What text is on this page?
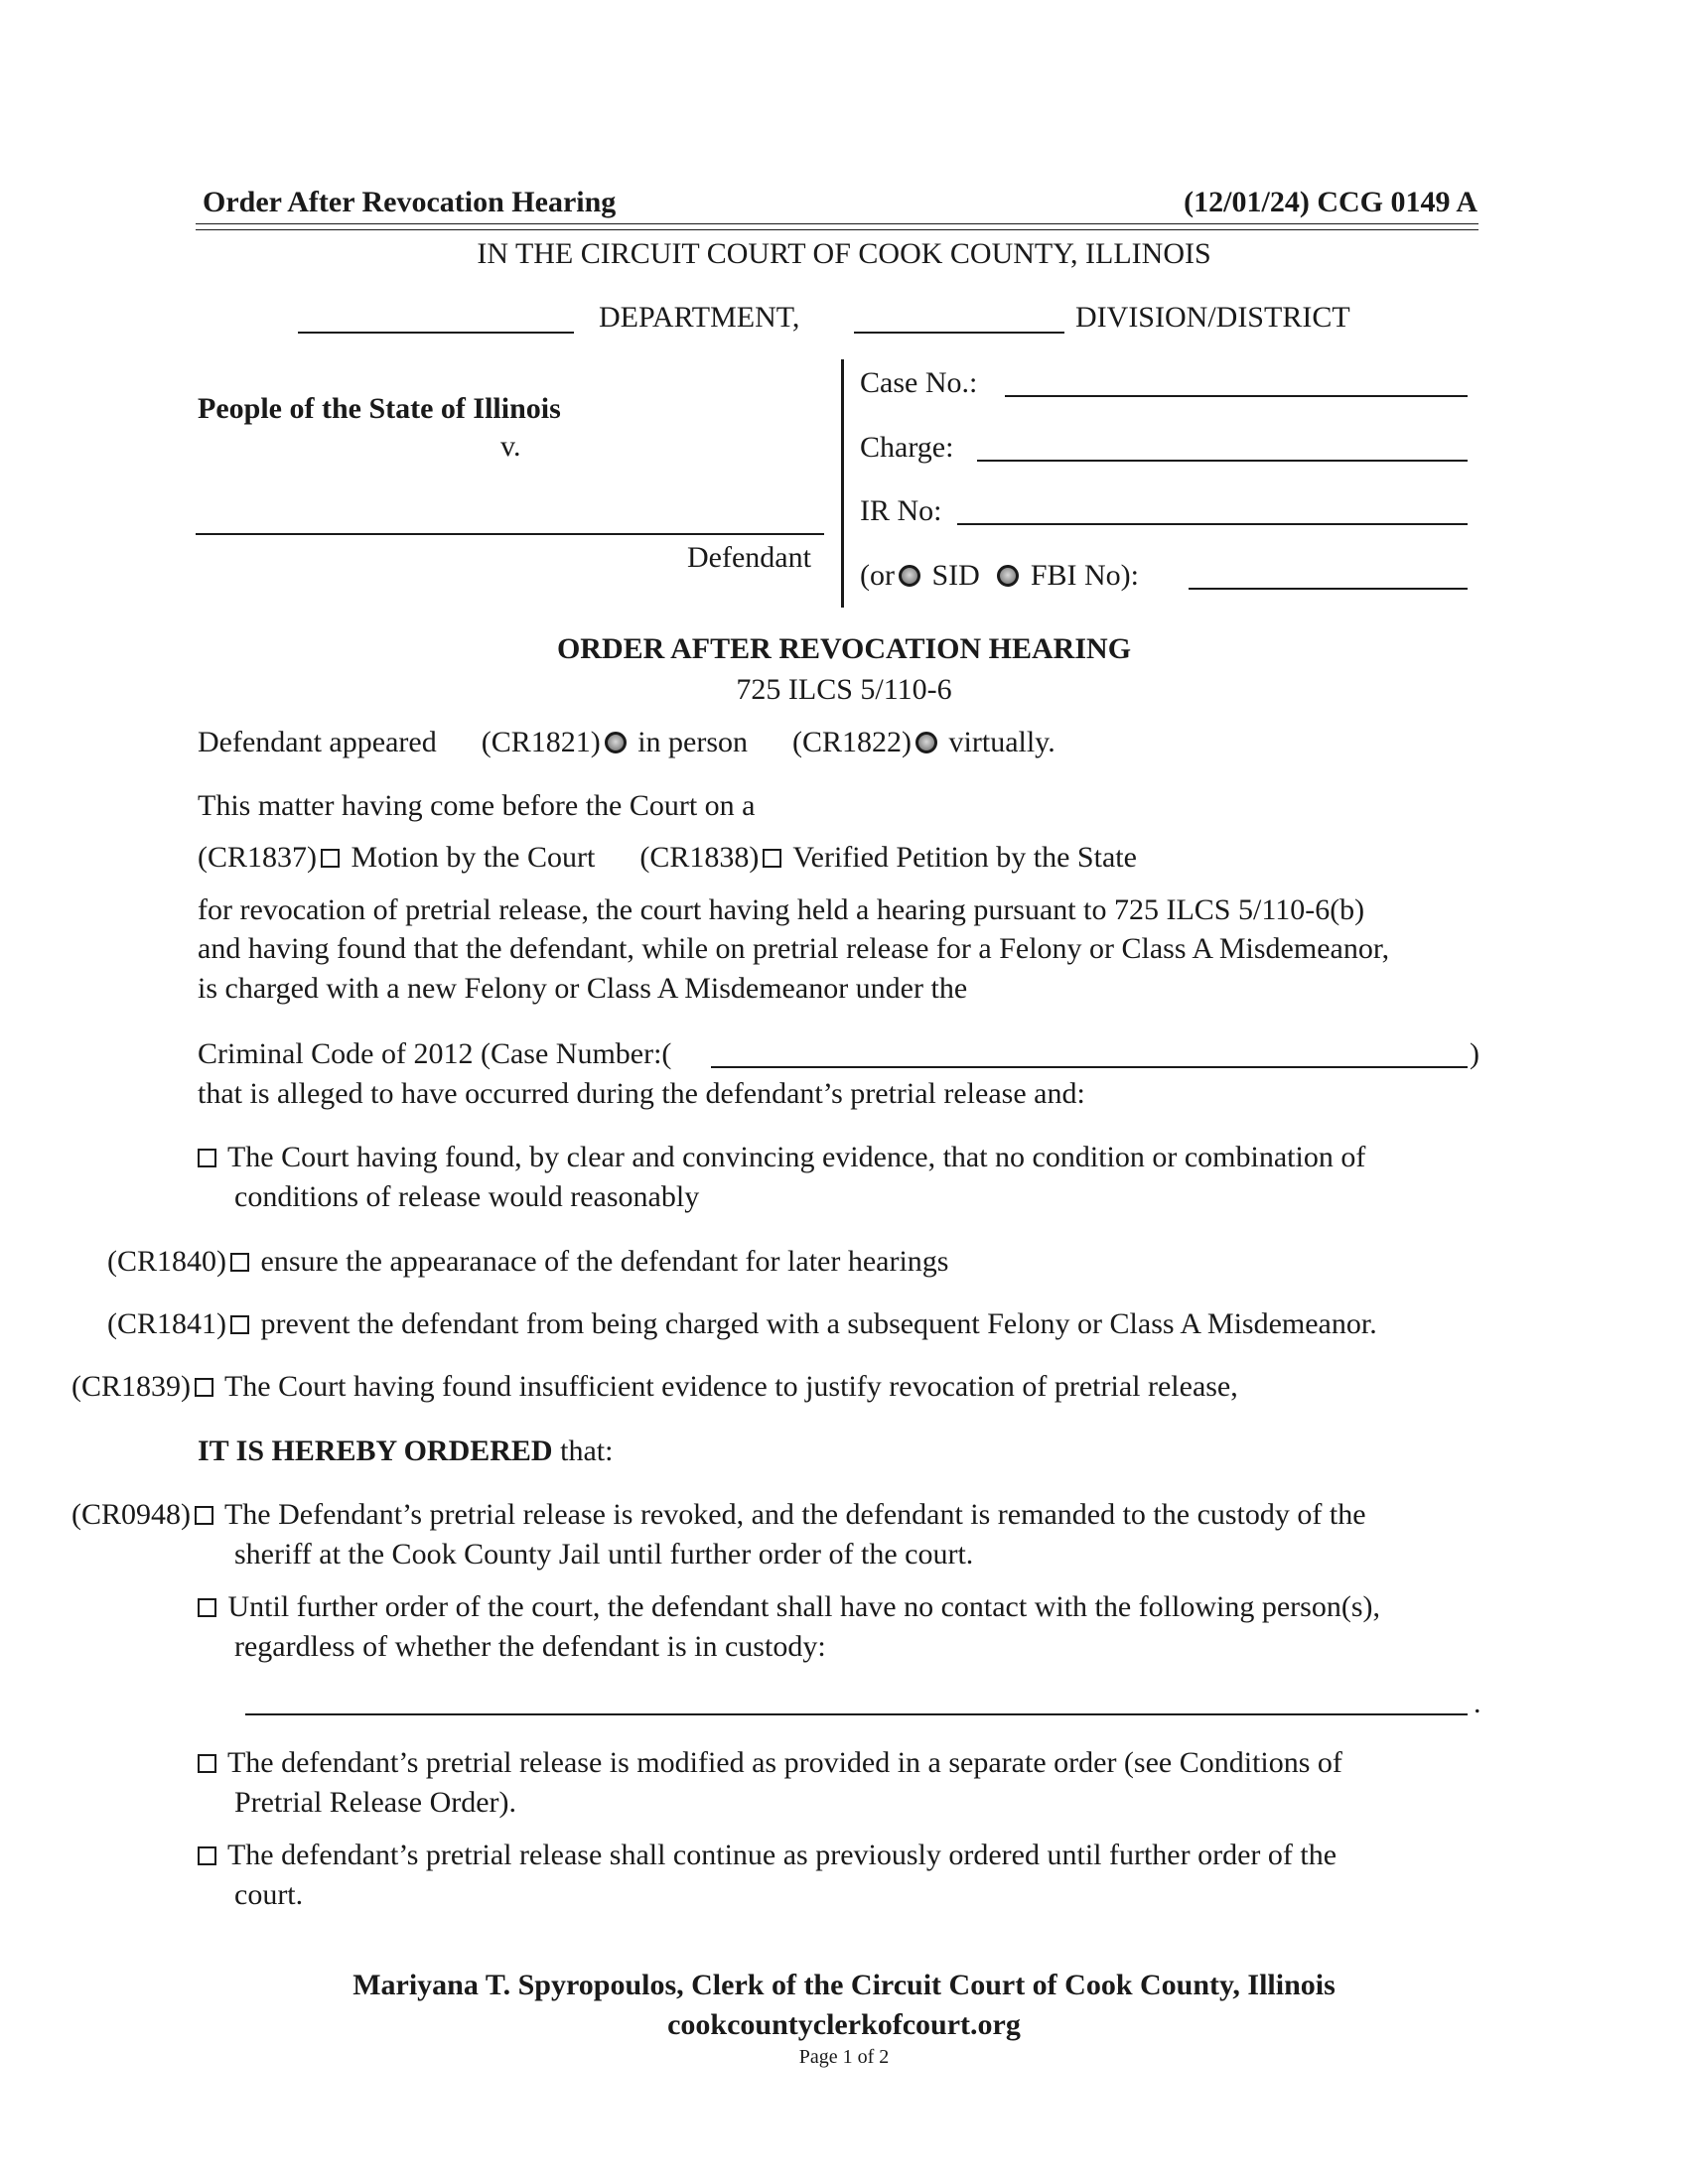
Order After Revocation Hearing	(12/01/24) CCG 0149 A
IN THE CIRCUIT COURT OF COOK COUNTY, ILLINOIS
DEPARTMENT,	DIVISION/DISTRICT
People of the State of Illinois
v.
Defendant
Case No.:
Charge:
IR No:
(or SID FBI No):
ORDER AFTER REVOCATION HEARING
725 ILCS 5/110-6
Defendant appeared (CR1821) in person (CR1822) virtually.
This matter having come before the Court on a
(CR1837) Motion by the Court (CR1838) Verified Petition by the State
for revocation of pretrial release, the court having held a hearing pursuant to 725 ILCS 5/110-6(b)
and having found that the defendant, while on pretrial release for a Felony or Class A Misdemeanor,
is charged with a new Felony or Class A Misdemeanor under the
Criminal Code of 2012 (Case Number:(	)
that is alleged to have occurred during the defendant’s pretrial release and:
The Court having found, by clear and convincing evidence, that no condition or combination of
conditions of release would reasonably
(CR1840) ensure the appearanace of the defendant for later hearings
(CR1841) prevent the defendant from being charged with a subsequent Felony or Class A Misdemeanor.
(CR1839) The Court having found insufficient evidence to justify revocation of pretrial release,
IT IS HEREBY ORDERED that:
(CR0948) The Defendant’s pretrial release is revoked, and the defendant is remanded to the custody of the
sheriff at the Cook County Jail until further order of the court.
Until further order of the court, the defendant shall have no contact with the following person(s),
regardless of whether the defendant is in custody:
.
The defendant’s pretrial release is modified as provided in a separate order (see Conditions of
Pretrial Release Order).
The defendant’s pretrial release shall continue as previously ordered until further order of the
court.
Mariyana T. Spyropoulos, Clerk of the Circuit Court of Cook County, Illinois
cookcountyclerkofcourt.org
Page 1 of 2
